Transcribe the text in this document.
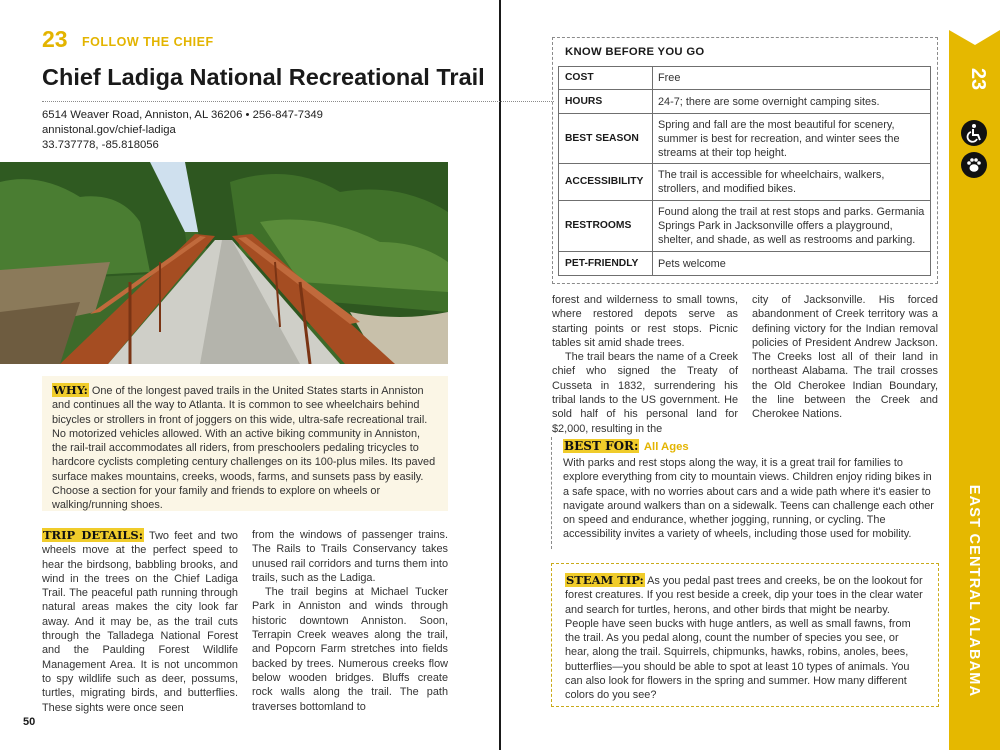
23 FOLLOW THE CHIEF
Chief Ladiga National Recreational Trail
6514 Weaver Road, Anniston, AL 36206 • 256-847-7349
annistonal.gov/chief-ladiga
33.737778, -85.818056

WHY: One of the longest paved trails in the United States starts in Anniston and continues all the way to Atlanta. It is common to see wheelchairs behind bicycles or strollers in front of joggers on this wide, ultra-safe recreational trail. No motorized vehicles allowed. With an active biking community in Anniston, the rail-trail accommodates all riders, from preschoolers pedaling tricycles to hardcore cyclists completing century challenges on its 100-plus miles. Its paved surface makes mountains, creeks, woods, farms, and sunsets pass by easily. Choose a section for your family and friends to explore on wheels or walking/running shoes.

TRIP DETAILS: Two feet and two wheels move at the perfect speed to hear the birdsong, babbling brooks, and wind in the trees on the Chief Ladiga Trail. The peaceful path running through natural areas makes the city look far away. And it may be, as the trail cuts through the Talladega National Forest and the Paulding Forest Wildlife Management Area. It is not uncommon to spy wildlife such as deer, possums, turtles, migrating birds, and butterflies. These sights were once seen

from the windows of passenger trains. The Rails to Trails Conservancy takes unused rail corridors and turns them into trails, such as the Ladiga.

The trail begins at Michael Tucker Park in Anniston and winds through historic downtown Anniston. Soon, Terrapin Creek weaves along the trail, and Popcorn Farm stretches into fields backed by trees. Numerous creeks flow below wooden bridges. Bluffs create rock walls along the trail. The path traverses bottomland to

50
KNOW BEFORE YOU GO
COST	Free
HOURS	24-7; there are some overnight camping sites.
BEST SEASON	Spring and fall are the most beautiful for scenery, summer is best for recreation, and winter sees the streams at their top height.
ACCESSIBILITY	The trail is accessible for wheelchairs, walkers, strollers, and modified bikes.
RESTROOMS	Found along the trail at rest stops and parks. Germania Springs Park in Jacksonville offers a playground, shelter, and shade, as well as restrooms and parking.
PET-FRIENDLY	Pets welcome

forest and wilderness to small towns, where restored depots serve as starting points or rest stops. Picnic tables sit amid shade trees.

The trail bears the name of a Creek chief who signed the Treaty of Cusseta in 1832, surrendering his tribal lands to the US government. He sold half of his personal land for $2,000, resulting in the

city of Jacksonville. His forced abandonment of Creek territory was a defining victory for the Indian removal policies of President Andrew Jackson. The Creeks lost all of their land in northeast Alabama. The trail crosses the Old Cherokee Indian Boundary, the line between the Creek and Cherokee Nations.

BEST FOR: All Ages

With parks and rest stops along the way, it is a great trail for families to explore everything from city to mountain views. Children enjoy riding bikes in a safe space, with no worries about cars and a wide path where it's easier to navigate around walkers than on a sidewalk. Teens can challenge each other on speed and endurance, whether jogging, running, or cycling. The accessibility invites a variety of wheels, including those used for mobility.

STEAM TIP: As you pedal past trees and creeks, be on the lookout for forest creatures. If you rest beside a creek, dip your toes in the clear water and search for turtles, herons, and other birds that might be nearby. People have seen bucks with huge antlers, as well as small fawns, from the trail. As you pedal along, count the number of species you see, or hear, along the trail. Squirrels, chipmunks, hawks, robins, anoles, bees, butterflies—you should be able to spot at least 10 types of animals. You can also look for flowers in the spring and summer. How many different colors do you see?

23
EAST CENTRAL ALABAMA
